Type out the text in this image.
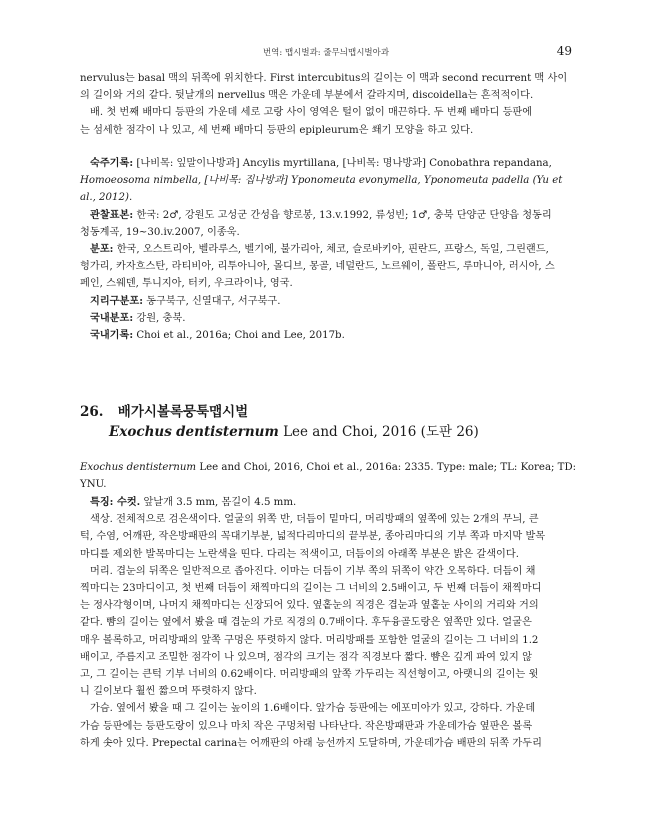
번역: 맵시벌과: 줄무늬맵시벌아과	49

nervulus는 basal 맥의 뒤쪽에 위치한다. First intercubitus의 길이는 이 맥과 second recurrent 맥 사이

의 길이와 거의 같다. 뒷날개의 nervellus 맥은 가운데 부분에서 갈라지며, discoidella는 흔적적이다.

배. 첫 번째 배마디 등판의 가운데 세로 고랑 사이 영역은 털이 없이 매끈하다. 두 번째 배마디 등판에

는 섬세한 점각이 나 있고, 세 번째 배마디 등판의 epipleurum은 쐐기 모양을 하고 있다.

숙주기록: [나비목: 잎말이나방과] Ancylis myrtillana, [나비목: 명나방과] Conobathra repandana,

Homoeosoma nimbella, [나비목: 집나방과] Yponomeuta evonymella, Yponomeuta padella (Yu et al., 2012).

관찰표본: 한국: 2♂, 강원도 고성군 간성읍 향로봉, 13.v.1992, 류성빈; 1♂, 충북 단양군 단양읍 청동리

청동계곡, 19~30.iv.2007, 이종욱.

분포: 한국, 오스트리아, 벨라루스, 벨기에, 불가리아, 체코, 슬로바키아, 핀란드, 프랑스, 독일, 그린랜드,

헝가리, 카자흐스탄, 라티비아, 리투아니아, 몰디브, 몽골, 네덜란드, 노르웨이, 폴란드, 루마니아, 러시아, 스

페인, 스웨덴, 투니지아, 터키, 우크라이나, 영국.

지리구분포: 동구북구, 신열대구, 서구북구.

국내분포: 강원, 충북.

국내기록: Choi et al., 2016a; Choi and Lee, 2017b.

26. 배가시볼록뭉툭맵시벌
Exochus dentisternum Lee and Choi, 2016 (도판 26)
Exochus dentisternum Lee and Choi, 2016, Choi et al., 2016a: 2335. Type: male; TL: Korea; TD: YNU.

특징: 수컷. 앞날개 3.5 mm, 몸길이 4.5 mm.

색상. 전체적으로 검은색이다. 얼굴의 위쪽 반, 더듬이 밑마디, 머리방패의 옆쪽에 있는 2개의 무늬, 큰

턱, 수염, 어깨판, 작은방패판의 꼭대기부분, 넓적다리마디의 끝부분, 종아리마디의 기부 쪽과 마지막 발목

마디를 제외한 발목마디는 노란색을 띤다. 다리는 적색이고, 더듬이의 아래쪽 부분은 밝은 갈색이다.

머리. 겹눈의 뒤쪽은 일반적으로 좁아진다. 이마는 더듬이 기부 쪽의 뒤쪽이 약간 오목하다. 더듬이 채

찍마디는 23마디이고, 첫 번째 더듬이 채찍마디의 길이는 그 너비의 2.5배이고, 두 번째 더듬이 채찍마디

는 정사각형이며, 나머지 채찍마디는 신장되어 있다. 옆홑눈의 직경은 겹눈과 옆홑눈 사이의 거리와 거의

같다. 뺨의 길이는 옆에서 봤을 때 겹눈의 가로 직경의 0.7배이다. 후두융골도랑은 옆쪽만 있다. 얼굴은

매우 볼록하고, 머리방패의 앞쪽 구멍은 뚜렷하지 않다. 머리방패를 포함한 얼굴의 길이는 그 너비의 1.2

배이고, 주름지고 조밀한 점각이 나 있으며, 점각의 크기는 점각 직경보다 짧다. 뺨은 깊게 파여 있지 않

고, 그 길이는 큰턱 기부 너비의 0.62배이다. 머리방패의 앞쪽 가두리는 직선형이고, 아랫니의 길이는 윗

니 길이보다 훨씬 짧으며 뚜렷하지 않다.

가슴. 옆에서 봤을 때 그 길이는 높이의 1.6배이다. 앞가슴 등판에는 에포미아가 있고, 강하다. 가운데

가슴 등판에는 등판도랑이 있으나 마치 작은 구멍처럼 나타난다. 작은방패판과 가운데가슴 옆판은 볼록

하게 솟아 있다. Prepectal carina는 어깨판의 아래 능선까지 도달하며, 가운데가슴 배판의 뒤쪽 가두리
